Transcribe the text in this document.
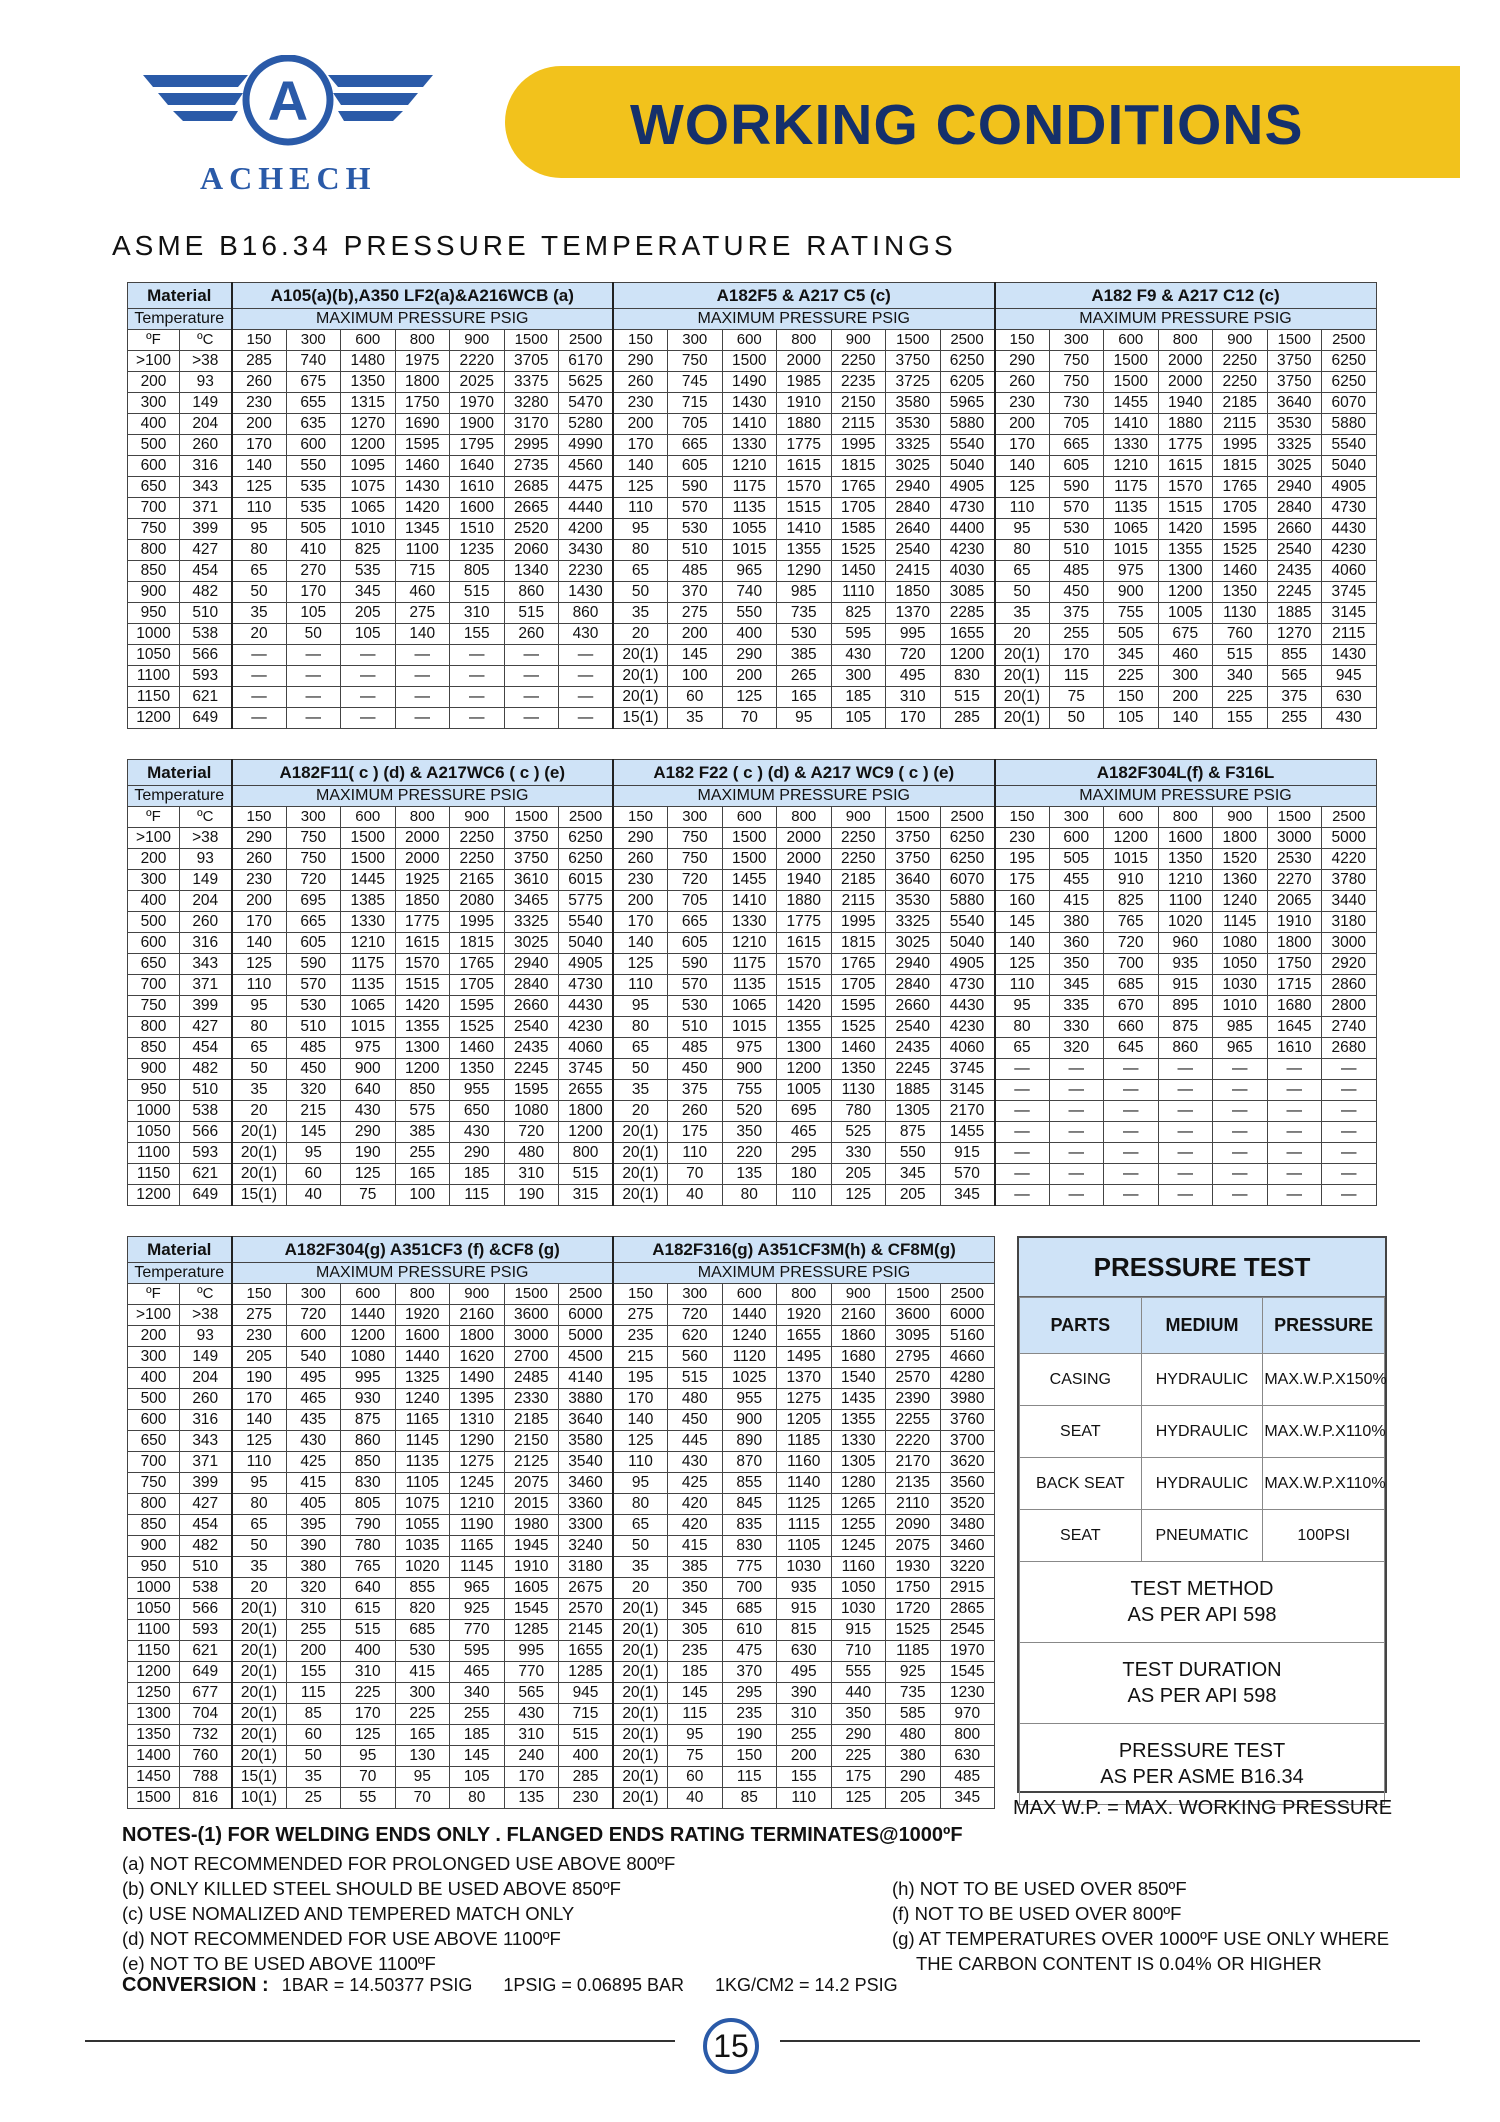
WORKING CONDITIONS
A
ACHECH
ASME B16.34 PRESSURE TEMPERATURE RATINGS
Material		A105(a)(b),A350 LF2(a)&A216WCB (a)							A182F5 & A217 C5 (c)							A182 F9 & A217 C12 (c)						
Temperature		MAXIMUM PRESSURE PSIG							MAXIMUM PRESSURE PSIG							MAXIMUM PRESSURE PSIG						
ºF	ºC	150	300	600	800	900	1500	2500	150	300	600	800	900	1500	2500	150	300	600	800	900	1500	2500
>100	>38	285	740	1480	1975	2220	3705	6170	290	750	1500	2000	2250	3750	6250	290	750	1500	2000	2250	3750	6250
200	93	260	675	1350	1800	2025	3375	5625	260	745	1490	1985	2235	3725	6205	260	750	1500	2000	2250	3750	6250
300	149	230	655	1315	1750	1970	3280	5470	230	715	1430	1910	2150	3580	5965	230	730	1455	1940	2185	3640	6070
400	204	200	635	1270	1690	1900	3170	5280	200	705	1410	1880	2115	3530	5880	200	705	1410	1880	2115	3530	5880
500	260	170	600	1200	1595	1795	2995	4990	170	665	1330	1775	1995	3325	5540	170	665	1330	1775	1995	3325	5540
600	316	140	550	1095	1460	1640	2735	4560	140	605	1210	1615	1815	3025	5040	140	605	1210	1615	1815	3025	5040
650	343	125	535	1075	1430	1610	2685	4475	125	590	1175	1570	1765	2940	4905	125	590	1175	1570	1765	2940	4905
700	371	110	535	1065	1420	1600	2665	4440	110	570	1135	1515	1705	2840	4730	110	570	1135	1515	1705	2840	4730
750	399	95	505	1010	1345	1510	2520	4200	95	530	1055	1410	1585	2640	4400	95	530	1065	1420	1595	2660	4430
800	427	80	410	825	1100	1235	2060	3430	80	510	1015	1355	1525	2540	4230	80	510	1015	1355	1525	2540	4230
850	454	65	270	535	715	805	1340	2230	65	485	965	1290	1450	2415	4030	65	485	975	1300	1460	2435	4060
900	482	50	170	345	460	515	860	1430	50	370	740	985	1110	1850	3085	50	450	900	1200	1350	2245	3745
950	510	35	105	205	275	310	515	860	35	275	550	735	825	1370	2285	35	375	755	1005	1130	1885	3145
1000	538	20	50	105	140	155	260	430	20	200	400	530	595	995	1655	20	255	505	675	760	1270	2115
1050	566	—	—	—	—	—	—	—	20(1)	145	290	385	430	720	1200	20(1)	170	345	460	515	855	1430
1100	593	—	—	—	—	—	—	—	20(1)	100	200	265	300	495	830	20(1)	115	225	300	340	565	945
1150	621	—	—	—	—	—	—	—	20(1)	60	125	165	185	310	515	20(1)	75	150	200	225	375	630
1200	649	—	—	—	—	—	—	—	15(1)	35	70	95	105	170	285	20(1)	50	105	140	155	255	430
Material		A182F11( c ) (d) & A217WC6 ( c ) (e)							A182 F22 ( c ) (d) & A217 WC9 ( c ) (e)							A182F304L(f) & F316L						
Temperature		MAXIMUM PRESSURE PSIG							MAXIMUM PRESSURE PSIG							MAXIMUM PRESSURE PSIG						
ºF	ºC	150	300	600	800	900	1500	2500	150	300	600	800	900	1500	2500	150	300	600	800	900	1500	2500
>100	>38	290	750	1500	2000	2250	3750	6250	290	750	1500	2000	2250	3750	6250	230	600	1200	1600	1800	3000	5000
200	93	260	750	1500	2000	2250	3750	6250	260	750	1500	2000	2250	3750	6250	195	505	1015	1350	1520	2530	4220
300	149	230	720	1445	1925	2165	3610	6015	230	720	1455	1940	2185	3640	6070	175	455	910	1210	1360	2270	3780
400	204	200	695	1385	1850	2080	3465	5775	200	705	1410	1880	2115	3530	5880	160	415	825	1100	1240	2065	3440
500	260	170	665	1330	1775	1995	3325	5540	170	665	1330	1775	1995	3325	5540	145	380	765	1020	1145	1910	3180
600	316	140	605	1210	1615	1815	3025	5040	140	605	1210	1615	1815	3025	5040	140	360	720	960	1080	1800	3000
650	343	125	590	1175	1570	1765	2940	4905	125	590	1175	1570	1765	2940	4905	125	350	700	935	1050	1750	2920
700	371	110	570	1135	1515	1705	2840	4730	110	570	1135	1515	1705	2840	4730	110	345	685	915	1030	1715	2860
750	399	95	530	1065	1420	1595	2660	4430	95	530	1065	1420	1595	2660	4430	95	335	670	895	1010	1680	2800
800	427	80	510	1015	1355	1525	2540	4230	80	510	1015	1355	1525	2540	4230	80	330	660	875	985	1645	2740
850	454	65	485	975	1300	1460	2435	4060	65	485	975	1300	1460	2435	4060	65	320	645	860	965	1610	2680
900	482	50	450	900	1200	1350	2245	3745	50	450	900	1200	1350	2245	3745	—	—	—	—	—	—	—
950	510	35	320	640	850	955	1595	2655	35	375	755	1005	1130	1885	3145	—	—	—	—	—	—	—
1000	538	20	215	430	575	650	1080	1800	20	260	520	695	780	1305	2170	—	—	—	—	—	—	—
1050	566	20(1)	145	290	385	430	720	1200	20(1)	175	350	465	525	875	1455	—	—	—	—	—	—	—
1100	593	20(1)	95	190	255	290	480	800	20(1)	110	220	295	330	550	915	—	—	—	—	—	—	—
1150	621	20(1)	60	125	165	185	310	515	20(1)	70	135	180	205	345	570	—	—	—	—	—	—	—
1200	649	15(1)	40	75	100	115	190	315	20(1)	40	80	110	125	205	345	—	—	—	—	—	—	—
Material		A182F304(g) A351CF3 (f) &CF8 (g)							A182F316(g) A351CF3M(h) & CF8M(g)						
Temperature		MAXIMUM PRESSURE PSIG							MAXIMUM PRESSURE PSIG						
ºF	ºC	150	300	600	800	900	1500	2500	150	300	600	800	900	1500	2500
>100	>38	275	720	1440	1920	2160	3600	6000	275	720	1440	1920	2160	3600	6000
200	93	230	600	1200	1600	1800	3000	5000	235	620	1240	1655	1860	3095	5160
300	149	205	540	1080	1440	1620	2700	4500	215	560	1120	1495	1680	2795	4660
400	204	190	495	995	1325	1490	2485	4140	195	515	1025	1370	1540	2570	4280
500	260	170	465	930	1240	1395	2330	3880	170	480	955	1275	1435	2390	3980
600	316	140	435	875	1165	1310	2185	3640	140	450	900	1205	1355	2255	3760
650	343	125	430	860	1145	1290	2150	3580	125	445	890	1185	1330	2220	3700
700	371	110	425	850	1135	1275	2125	3540	110	430	870	1160	1305	2170	3620
750	399	95	415	830	1105	1245	2075	3460	95	425	855	1140	1280	2135	3560
800	427	80	405	805	1075	1210	2015	3360	80	420	845	1125	1265	2110	3520
850	454	65	395	790	1055	1190	1980	3300	65	420	835	1115	1255	2090	3480
900	482	50	390	780	1035	1165	1945	3240	50	415	830	1105	1245	2075	3460
950	510	35	380	765	1020	1145	1910	3180	35	385	775	1030	1160	1930	3220
1000	538	20	320	640	855	965	1605	2675	20	350	700	935	1050	1750	2915
1050	566	20(1)	310	615	820	925	1545	2570	20(1)	345	685	915	1030	1720	2865
1100	593	20(1)	255	515	685	770	1285	2145	20(1)	305	610	815	915	1525	2545
1150	621	20(1)	200	400	530	595	995	1655	20(1)	235	475	630	710	1185	1970
1200	649	20(1)	155	310	415	465	770	1285	20(1)	185	370	495	555	925	1545
1250	677	20(1)	115	225	300	340	565	945	20(1)	145	295	390	440	735	1230
1300	704	20(1)	85	170	225	255	430	715	20(1)	115	235	310	350	585	970
1350	732	20(1)	60	125	165	185	310	515	20(1)	95	190	255	290	480	800
1400	760	20(1)	50	95	130	145	240	400	20(1)	75	150	200	225	380	630
1450	788	15(1)	35	70	95	105	170	285	20(1)	60	115	155	175	290	485
1500	816	10(1)	25	55	70	80	135	230	20(1)	40	85	110	125	205	345
PRESSURE TEST
PARTS	MEDIUM	PRESSURE
CASING	HYDRAULIC	MAX.W.P.X150%
SEAT	HYDRAULIC	MAX.W.P.X110%
BACK SEAT	HYDRAULIC	MAX.W.P.X110%
SEAT	PNEUMATIC	100PSI
TEST METHOD
AS PER API 598		
TEST DURATION
AS PER API 598		
PRESSURE TEST
AS PER ASME B16.34		
MAX W.P. = MAX. WORKING PRESSURE
NOTES-(1) FOR WELDING ENDS ONLY . FLANGED ENDS RATING TERMINATES@1000ºF
(a) NOT RECOMMENDED FOR PROLONGED USE ABOVE 800ºF
(b) ONLY KILLED STEEL SHOULD BE USED ABOVE 850ºF
(c) USE NOMALIZED AND TEMPERED MATCH ONLY
(d) NOT RECOMMENDED FOR USE ABOVE 1100ºF
(e) NOT TO BE USED ABOVE 1100ºF
(h) NOT TO BE USED OVER 850ºF
(f) NOT TO BE USED OVER 800ºF
(g) AT TEMPERATURES OVER 1000ºF USE ONLY WHERE
THE CARBON CONTENT IS 0.04% OR HIGHER
CONVERSION : 1BAR = 14.50377 PSIG 1PSIG = 0.06895 BAR 1KG/CM2 = 14.2 PSIG
15
